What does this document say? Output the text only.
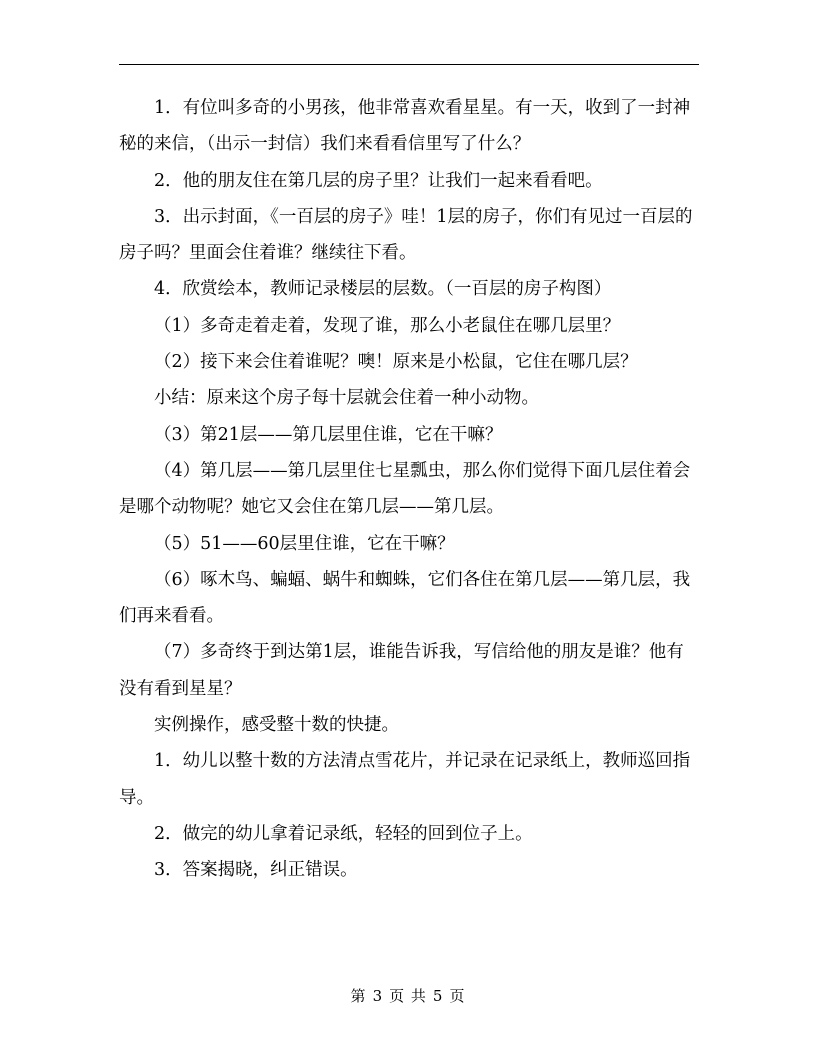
1．有位叫多奇的小男孩，他非常喜欢看星星。有一天，收到了一封神秘的来信，（出示一封信）我们来看看信里写了什么？

2．他的朋友住在第几层的房子里？让我们一起来看看吧。

3．出示封面，《一百层的房子》哇！1层的房子，你们有见过一百层的房子吗？里面会住着谁？继续往下看。

4．欣赏绘本，教师记录楼层的层数。（一百层的房子构图）

（1）多奇走着走着，发现了谁，那么小老鼠住在哪几层里？

（2）接下来会住着谁呢？噢！原来是小松鼠，它住在哪几层？

小结：原来这个房子每十层就会住着一种小动物。

（3）第21层——第几层里住谁，它在干嘛？

（4）第几层——第几层里住七星瓢虫，那么你们觉得下面几层住着会是哪个动物呢？她它又会住在第几层——第几层。

（5）51——60层里住谁，它在干嘛？

（6）啄木鸟、蝙蝠、蜗牛和蜘蛛，它们各住在第几层——第几层，我们再来看看。

（7）多奇终于到达第1层，谁能告诉我，写信给他的朋友是谁？他有没有看到星星？

实例操作，感受整十数的快捷。

1．幼儿以整十数的方法清点雪花片，并记录在记录纸上，教师巡回指导。

2．做完的幼儿拿着记录纸，轻轻的回到位子上。

3．答案揭晓，纠正错误。

第 3 页 共 5 页
